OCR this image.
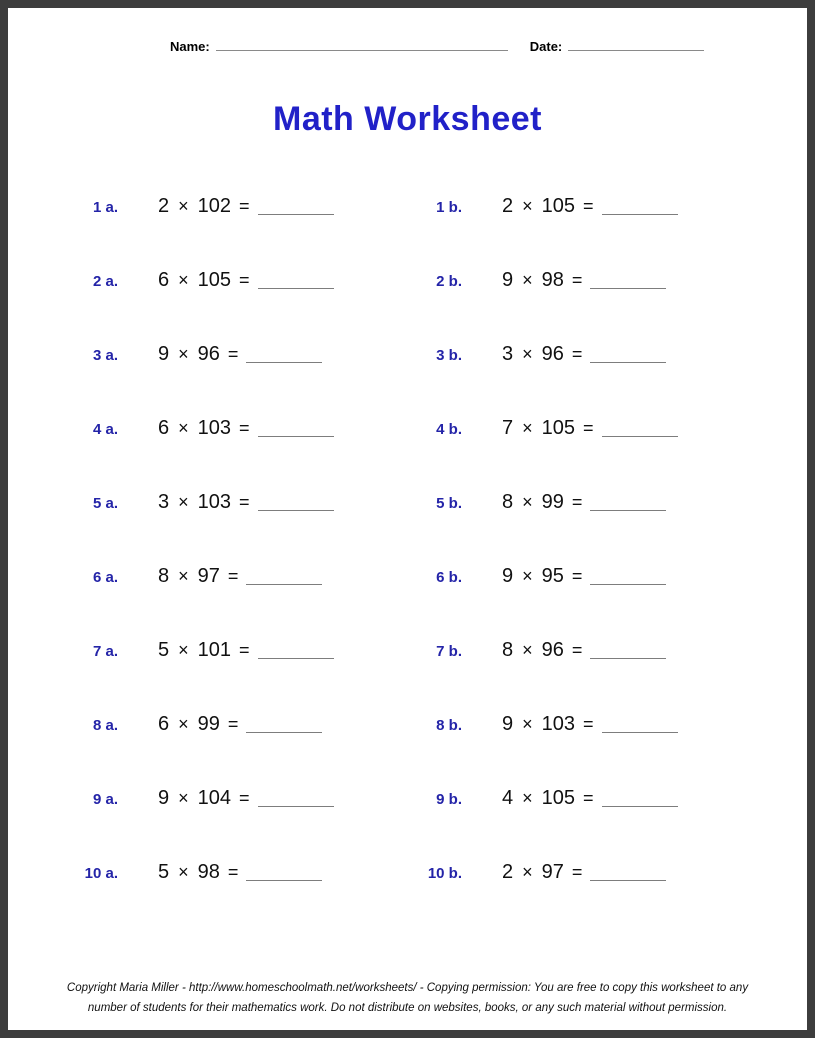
Name:	Date:
Math Worksheet
1 a. 2 × 102 =	1 b. 2 × 105 =
2 a. 6 × 105 =	2 b. 9 × 98 =
3 a. 9 × 96 =	3 b. 3 × 96 =
4 a. 6 × 103 =	4 b. 7 × 105 =
5 a. 3 × 103 =	5 b. 8 × 99 =
6 a. 8 × 97 =	6 b. 9 × 95 =
7 a. 5 × 101 =	7 b. 8 × 96 =
8 a. 6 × 99 =	8 b. 9 × 103 =
9 a. 9 × 104 =	9 b. 4 × 105 =
10 a. 5 × 98 =	10 b. 2 × 97 =
Copyright Maria Miller - http://www.homeschoolmath.net/worksheets/ - Copying permission: You are free to copy this worksheet to any
number of students for their mathematics work. Do not distribute on websites, books, or any such material without permission.
